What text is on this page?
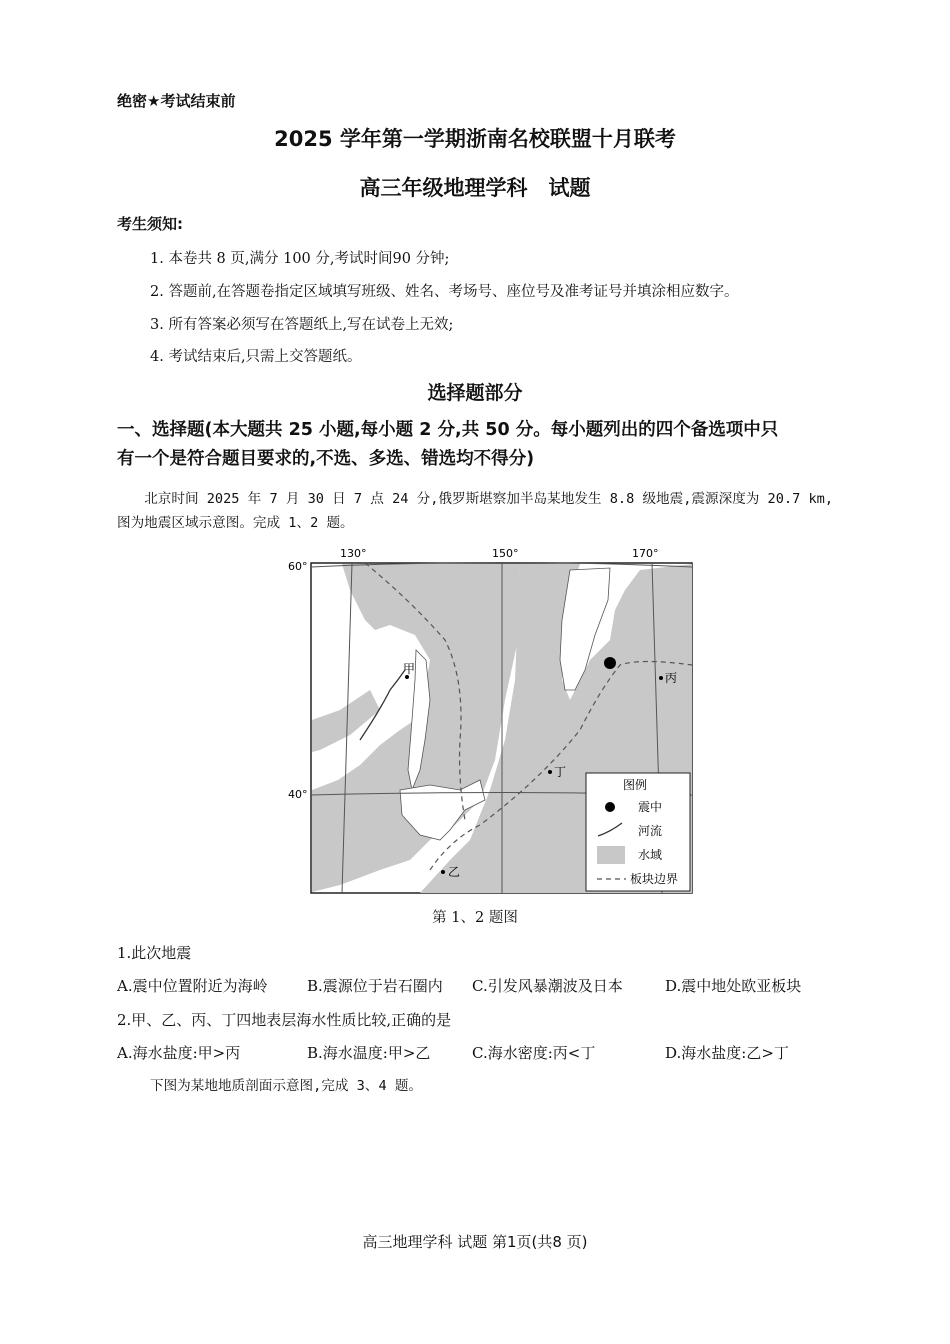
绝密★考试结束前
2025 学年第一学期浙南名校联盟十月联考
高三年级地理学科　试题
考生须知:
1. 本卷共 8 页,满分 100 分,考试时间90 分钟;
2. 答题前,在答题卷指定区域填写班级、姓名、考场号、座位号及准考证号并填涂相应数字。
3. 所有答案必须写在答题纸上,写在试卷上无效;
4. 考试结束后,只需上交答题纸。
选择题部分
一、选择题(本大题共 25 小题,每小题 2 分,共 50 分。每小题列出的四个备选项中只
有一个是符合题目要求的,不选、多选、错选均不得分)
北京时间 2025 年 7 月 30 日 7 点 24 分,俄罗斯堪察加半岛某地发生 8.8 级地震,震源深度为 20.7 km,图为地震区域示意图。完成 1、2 题。
甲
乙
丙
丁
130°	150°	170°
60°
40°
图例
震中
河流
水域
板块边界
第 1、2 题图
1.此次地震
A.震中位置附近为海岭	B.震源位于岩石圈内 C.引发风暴潮波及日本	D.震中地处欧亚板块
2.甲、乙、丙、丁四地表层海水性质比较,正确的是
A.海水盐度:甲>丙	B.海水温度:甲>乙	C.海水密度:丙<丁	D.海水盐度:乙>丁
下图为某地地质剖面示意图,完成 3、4 题。
高三地理学科 试题 第1页(共8 页)
